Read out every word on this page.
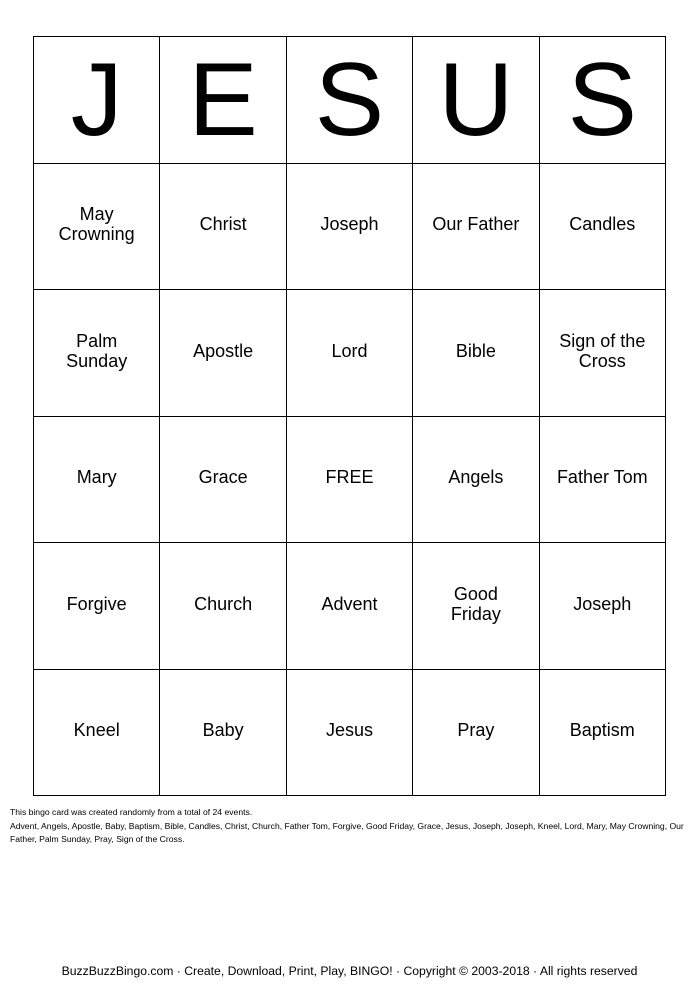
J E S U S
May Crowning	Christ	Joseph	Our Father	Candles
Palm Sunday	Apostle	Lord	Bible	Sign of the Cross
Mary	Grace	FREE	Angels	Father Tom
Forgive	Church	Advent	Good Friday	Joseph
Kneel	Baby	Jesus	Pray	Baptism
This bingo card was created randomly from a total of 24 events.
Advent, Angels, Apostle, Baby, Baptism, Bible, Candles, Christ, Church, Father Tom, Forgive, Good Friday, Grace, Jesus, Joseph, Joseph, Kneel, Lord, Mary, May Crowning, Our Father, Palm Sunday, Pray, Sign of the Cross.
BuzzBuzzBingo.com · Create, Download, Print, Play, BINGO! · Copyright © 2003-2018 · All rights reserved
